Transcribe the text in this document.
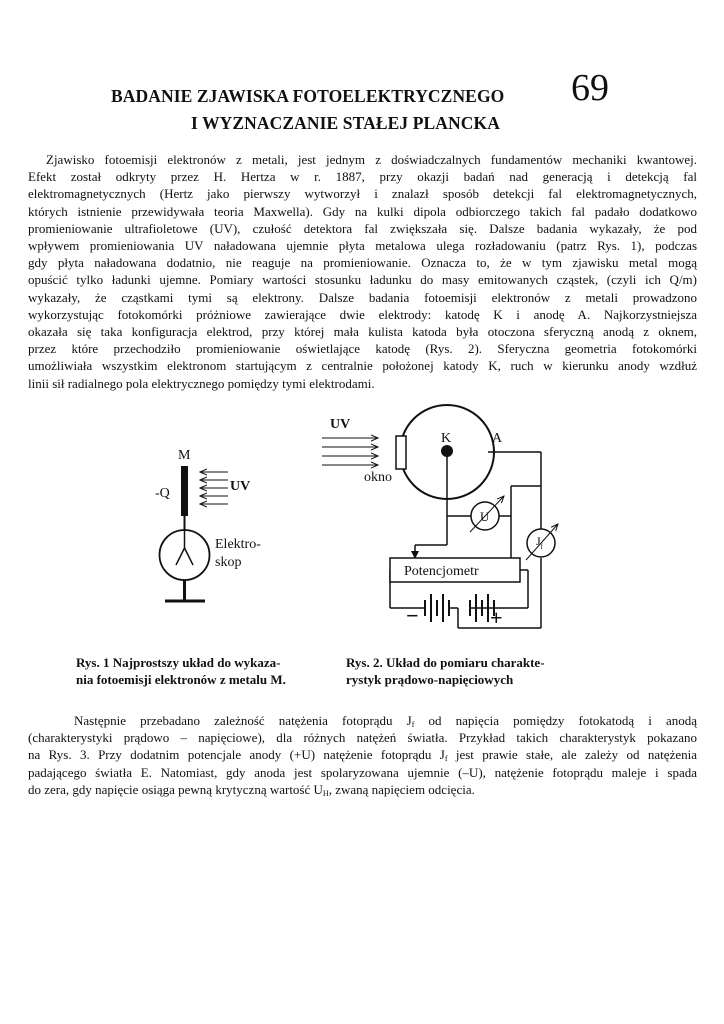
BADANIE ZJAWISKA FOTOELEKTRYCZNEGO 69
I WYZNACZANIE STAŁEJ PLANCKA
Zjawisko fotoemisji elektronów z metali, jest jednym z doświadczalnych fundamentów mechaniki kwantowej.
Efekt został odkryty przez H. Hertza w r. 1887, przy okazji badań nad generacją i detekcją fal
elektromagnetycznych (Hertz jako pierwszy wytworzył i znalazł sposób detekcji fal elektromagnetycznych,
których istnienie przewidywała teoria Maxwella). Gdy na kulki dipola odbiorczego takich fal padało dodatkowo
promieniowanie ultrafioletowe (UV), czułość detektora fal zwiększała się. Dalsze badania wykazały, że pod
wpływem promieniowania UV naładowana ujemnie płyta metalowa ulega rozładowaniu (patrz Rys. 1), podczas
gdy płyta naładowana dodatnio, nie reaguje na promieniowanie. Oznacza to, że w tym zjawisku metal mogą
opuścić tylko ładunki ujemne. Pomiary wartości stosunku ładunku do masy emitowanych cząstek, (czyli ich Q/m)
wykazały, że cząstkami tymi są elektrony. Dalsze badania fotoemisji elektronów z metali prowadzono
wykorzystując fotokomórki próżniowe zawierające dwie elektrody: katodę K i anodę A. Najkorzystniejsza
okazała się taka konfiguracja elektrod, przy której mała kulista katoda była otoczona sferyczną anodą z oknem,
przez które przechodziło promieniowanie oświetlające katodę (Rys. 2). Sferyczna geometria fotokomórki
umożliwiała wszystkim elektronom startującym z centralnie położonej katody K, ruch w kierunku anody wzdłuż
linii sił radialnego pola elektrycznego pomiędzy tymi elektrodami.
M
-Q	UV
Elektro-
skop
UV
K	A
okno
U
$J_f$
Potencjometr
−	+
Rys. 1 Najprostszy układ do wykaza-
nia fotoemisji elektronów z metalu M.
Rys. 2. Układ do pomiaru charakte-
rystyk prądowo-napięciowych
Następnie przebadano zależność natężenia fotoprądu $J_f$ od napięcia pomiędzy fotokatodą i anodą
(charakterystyki prądowo – napięciowe), dla różnych natężeń światła. Przykład takich charakterystyk pokazano
na Rys. 3. Przy dodatnim potencjale anody (+U) natężenie fotoprądu $J_f$ jest prawie stałe, ale zależy od natężenia
padającego światła E. Natomiast, gdy anoda jest spolaryzowana ujemnie (–U), natężenie fotoprądu maleje i spada
do zera, gdy napięcie osiąga pewną krytyczną wartość $U_H$, zwaną napięciem odcięcia.
